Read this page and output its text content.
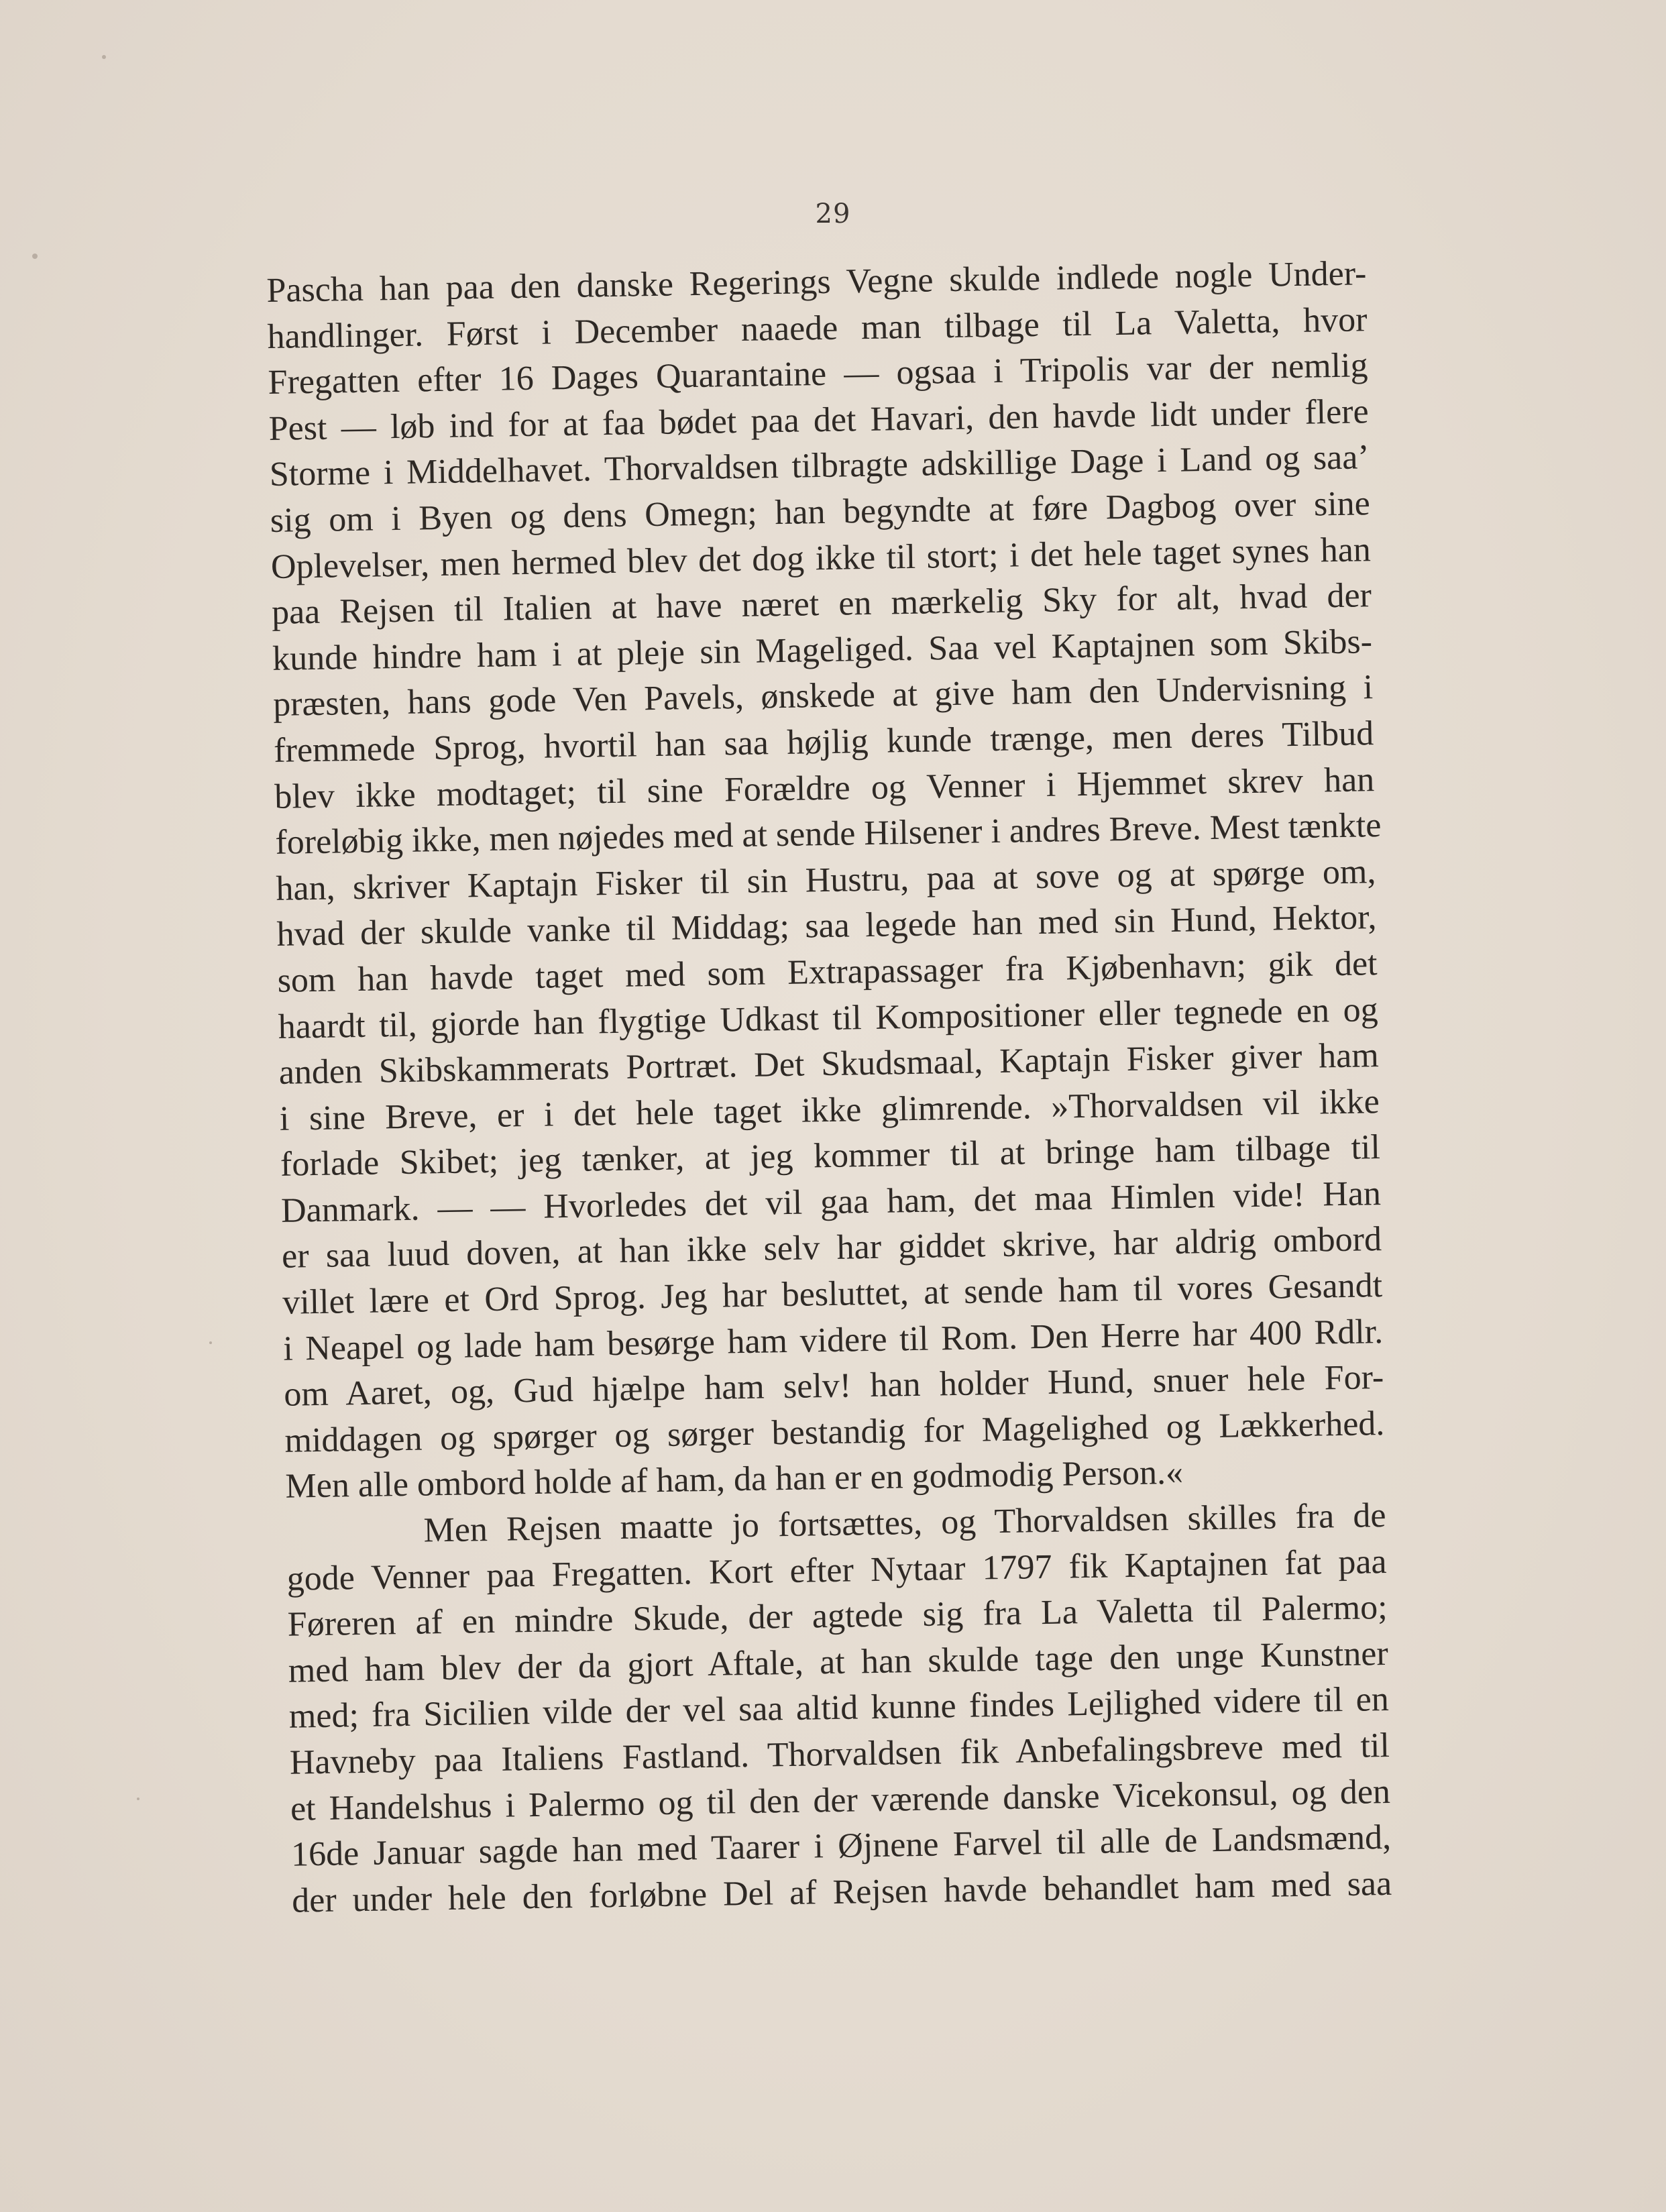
29
Pascha han paa den danske Regerings Vegne skulde indlede nogle Under-
handlinger. Først i December naaede man tilbage til La Valetta, hvor
Fregatten efter 16 Dages Quarantaine — ogsaa i Tripolis var der nemlig
Pest — løb ind for at faa bødet paa det Havari, den havde lidt under flere
Storme i Middelhavet. Thorvaldsen tilbragte adskillige Dage i Land og saa’
sig om i Byen og dens Omegn; han begyndte at føre Dagbog over sine
Oplevelser, men hermed blev det dog ikke til stort; i det hele taget synes han
paa Rejsen til Italien at have næret en mærkelig Sky for alt, hvad der
kunde hindre ham i at pleje sin Mageliged. Saa vel Kaptajnen som Skibs-
præsten, hans gode Ven Pavels, ønskede at give ham den Undervisning i
fremmede Sprog, hvortil han saa højlig kunde trænge, men deres Tilbud
blev ikke modtaget; til sine Forældre og Venner i Hjemmet skrev han
foreløbig ikke, men nøjedes med at sende Hilsener i andres Breve. Mest tænkte
han, skriver Kaptajn Fisker til sin Hustru, paa at sove og at spørge om,
hvad der skulde vanke til Middag; saa legede han med sin Hund, Hektor,
som han havde taget med som Extrapassager fra Kjøbenhavn; gik det
haardt til, gjorde han flygtige Udkast til Kompositioner eller tegnede en og
anden Skibskammerats Portræt. Det Skudsmaal, Kaptajn Fisker giver ham
i sine Breve, er i det hele taget ikke glimrende. »Thorvaldsen vil ikke
forlade Skibet; jeg tænker, at jeg kommer til at bringe ham tilbage til
Danmark. — — Hvorledes det vil gaa ham, det maa Himlen vide! Han
er saa luud doven, at han ikke selv har giddet skrive, har aldrig ombord
villet lære et Ord Sprog. Jeg har besluttet, at sende ham til vores Gesandt
i Neapel og lade ham besørge ham videre til Rom. Den Herre har 400 Rdlr.
om Aaret, og, Gud hjælpe ham selv! han holder Hund, snuer hele For-
middagen og spørger og sørger bestandig for Magelighed og Lækkerhed.
Men alle ombord holde af ham, da han er en godmodig Person.«
Men Rejsen maatte jo fortsættes, og Thorvaldsen skilles fra de
gode Venner paa Fregatten. Kort efter Nytaar 1797 fik Kaptajnen fat paa
Føreren af en mindre Skude, der agtede sig fra La Valetta til Palermo;
med ham blev der da gjort Aftale, at han skulde tage den unge Kunstner
med; fra Sicilien vilde der vel saa altid kunne findes Lejlighed videre til en
Havneby paa Italiens Fastland. Thorvaldsen fik Anbefalingsbreve med til
et Handelshus i Palermo og til den der værende danske Vicekonsul, og den
16de Januar sagde han med Taarer i Øjnene Farvel til alle de Landsmænd,
der under hele den forløbne Del af Rejsen havde behandlet ham med saa
